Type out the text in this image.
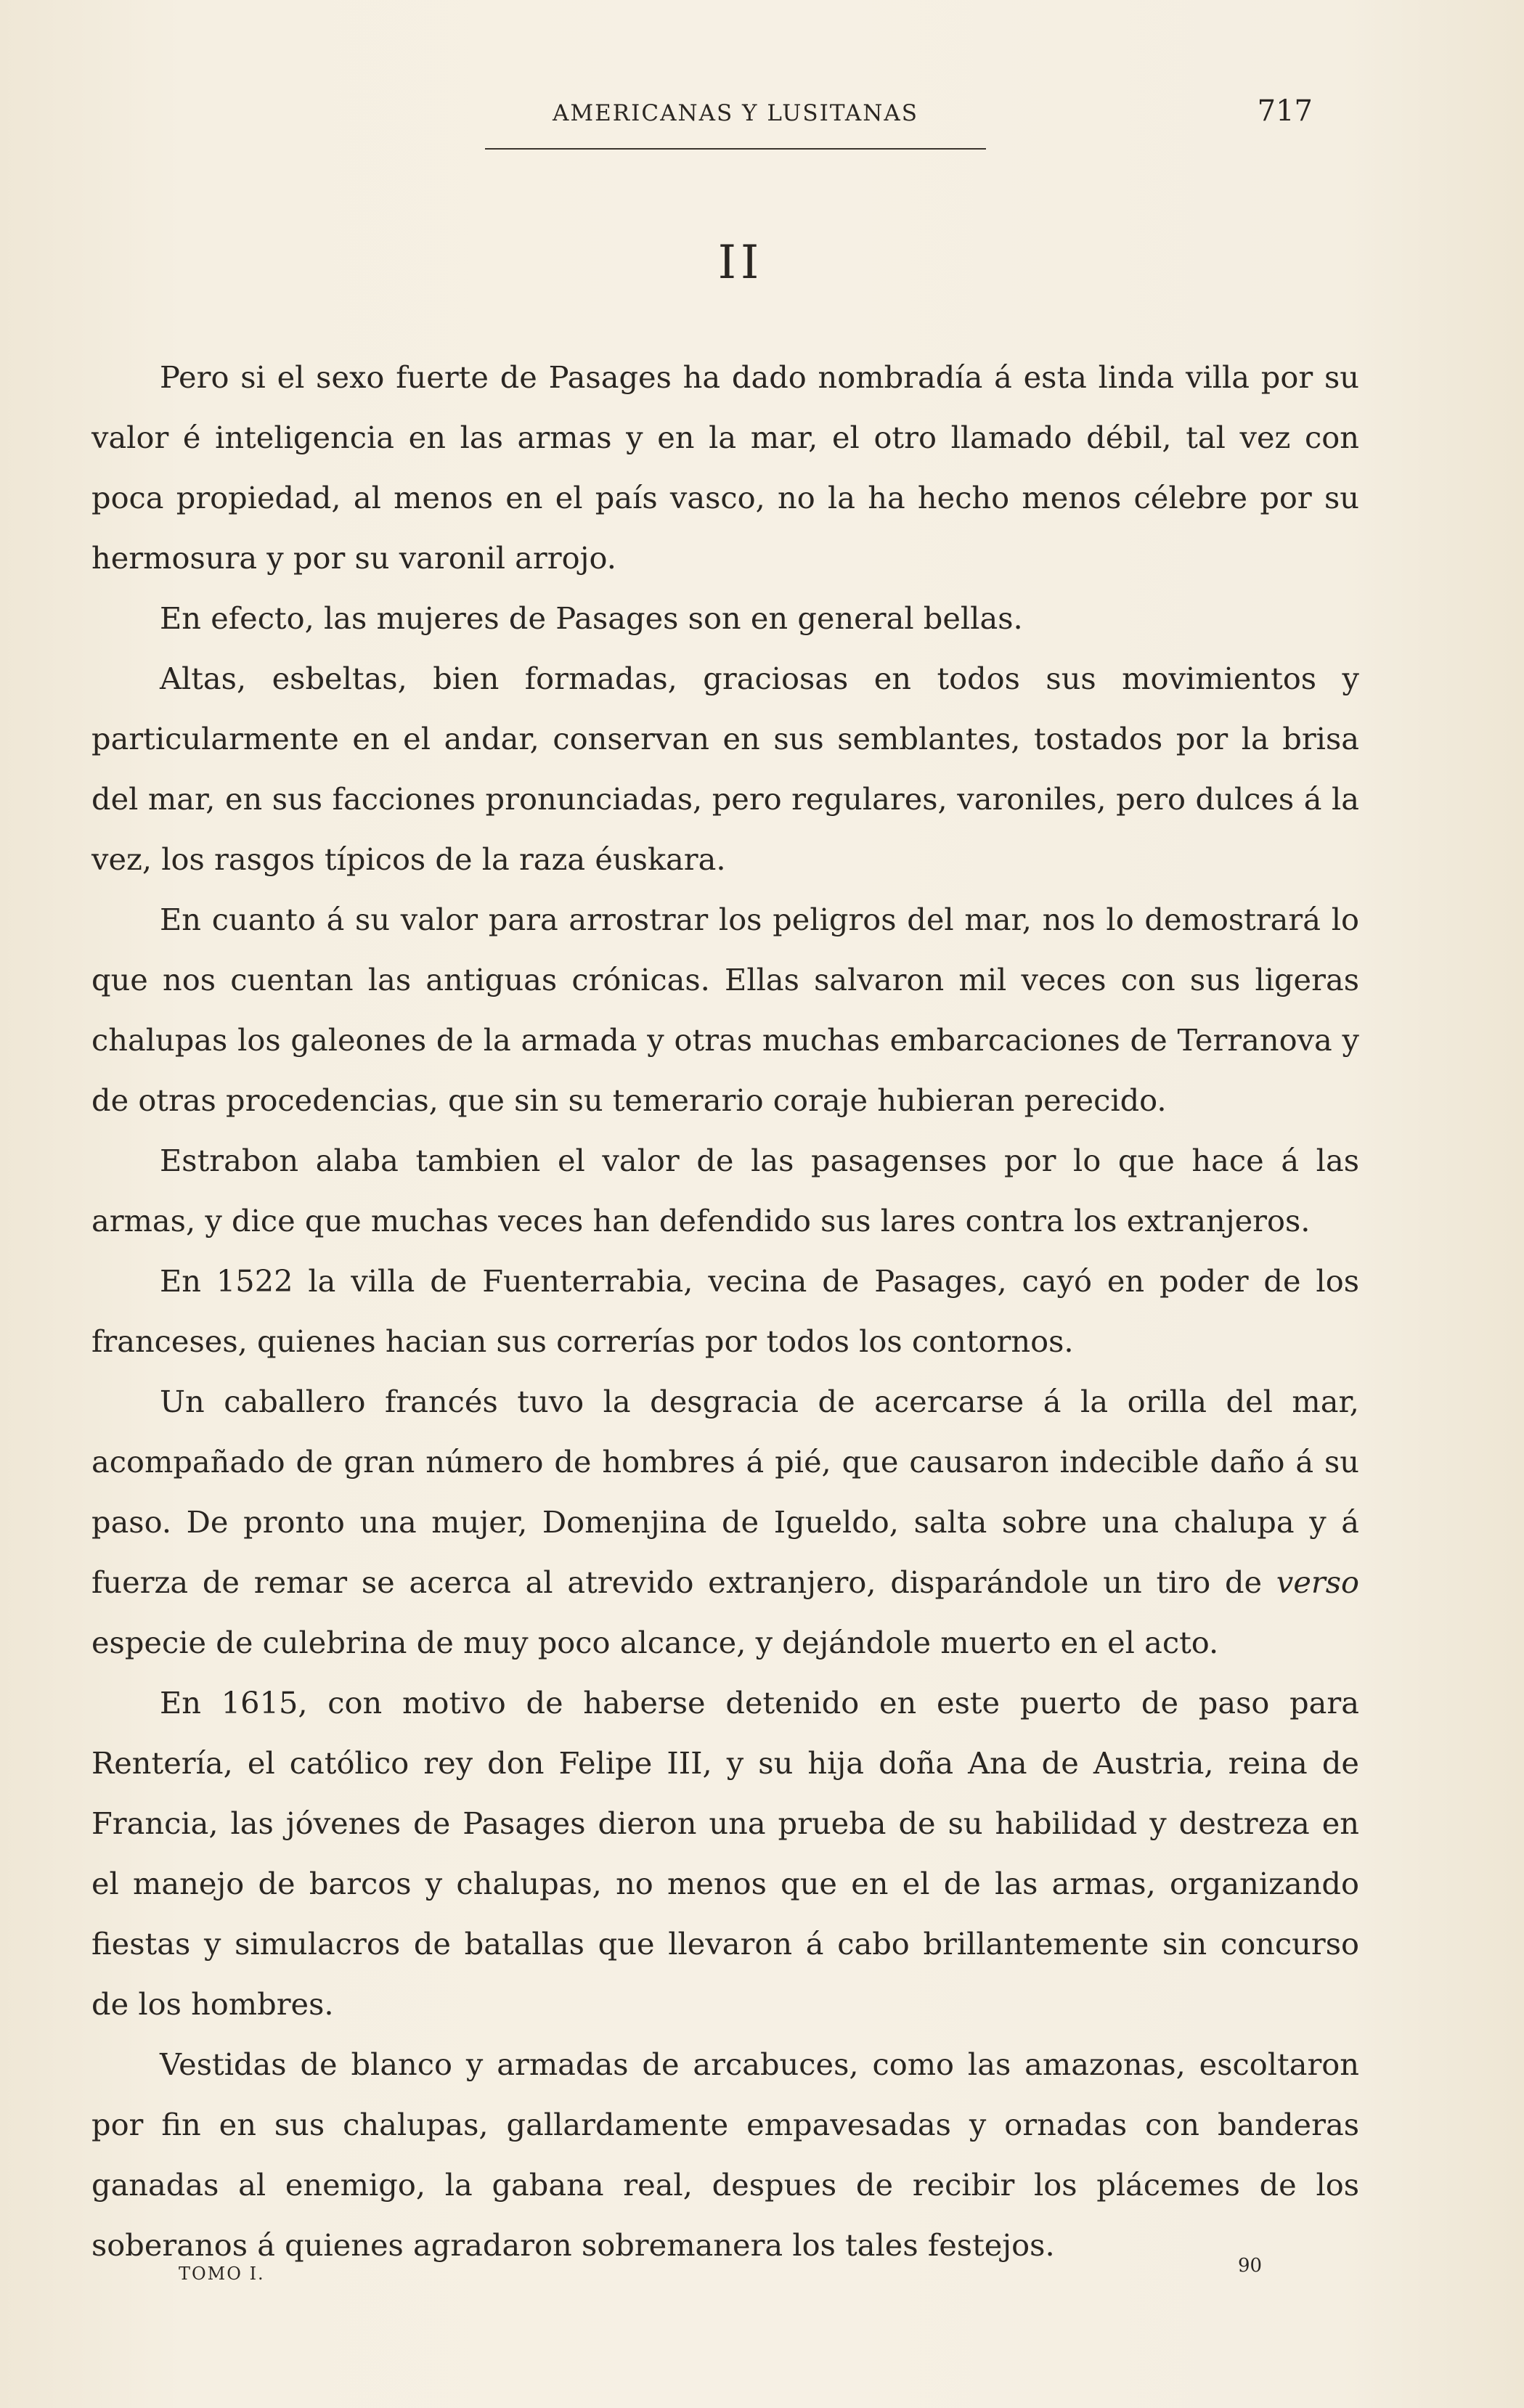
AMERICANAS Y LUSITANAS	717
II

Pero si el sexo fuerte de Pasages ha dado nombradía á esta linda villa por su valor é inteligencia en las armas y en la mar, el otro llamado débil, tal vez con poca propiedad, al menos en el país vasco, no la ha hecho menos célebre por su hermosura y por su varonil arrojo.

En efecto, las mujeres de Pasages son en general bellas.

Altas, esbeltas, bien formadas, graciosas en todos sus movimientos y particularmente en el andar, conservan en sus semblantes, tostados por la brisa del mar, en sus facciones pronunciadas, pero regulares, varoniles, pero dulces á la vez, los rasgos típicos de la raza éuskara.

En cuanto á su valor para arrostrar los peligros del mar, nos lo demostrará lo que nos cuentan las antiguas crónicas. Ellas salvaron mil veces con sus ligeras chalupas los galeones de la armada y otras muchas embarcaciones de Terranova y de otras procedencias, que sin su temerario coraje hubieran perecido.

Estrabon alaba tambien el valor de las pasagenses por lo que hace á las armas, y dice que muchas veces han defendido sus lares contra los extranjeros.

En 1522 la villa de Fuenterrabia, vecina de Pasages, cayó en poder de los franceses, quienes hacian sus correrías por todos los contornos.

Un caballero francés tuvo la desgracia de acercarse á la orilla del mar, acompañado de gran número de hombres á pié, que causaron indecible daño á su paso. De pronto una mujer, Domenjina de Igueldo, salta sobre una chalupa y á fuerza de remar se acerca al atrevido extranjero, disparándole un tiro de verso especie de culebrina de muy poco alcance, y dejándole muerto en el acto.

En 1615, con motivo de haberse detenido en este puerto de paso para Rentería, el católico rey don Felipe III, y su hija doña Ana de Austria, reina de Francia, las jóvenes de Pasages dieron una prueba de su habilidad y destreza en el manejo de barcos y chalupas, no menos que en el de las armas, organizando fiestas y simulacros de batallas que llevaron á cabo brillantemente sin concurso de los hombres.

Vestidas de blanco y armadas de arcabuces, como las amazonas, escoltaron por fin en sus chalupas, gallardamente empavesadas y ornadas con banderas ganadas al enemigo, la gabana real, despues de recibir los plácemes de los soberanos á quienes agradaron sobremanera los tales festejos.

TOMO I.	90
